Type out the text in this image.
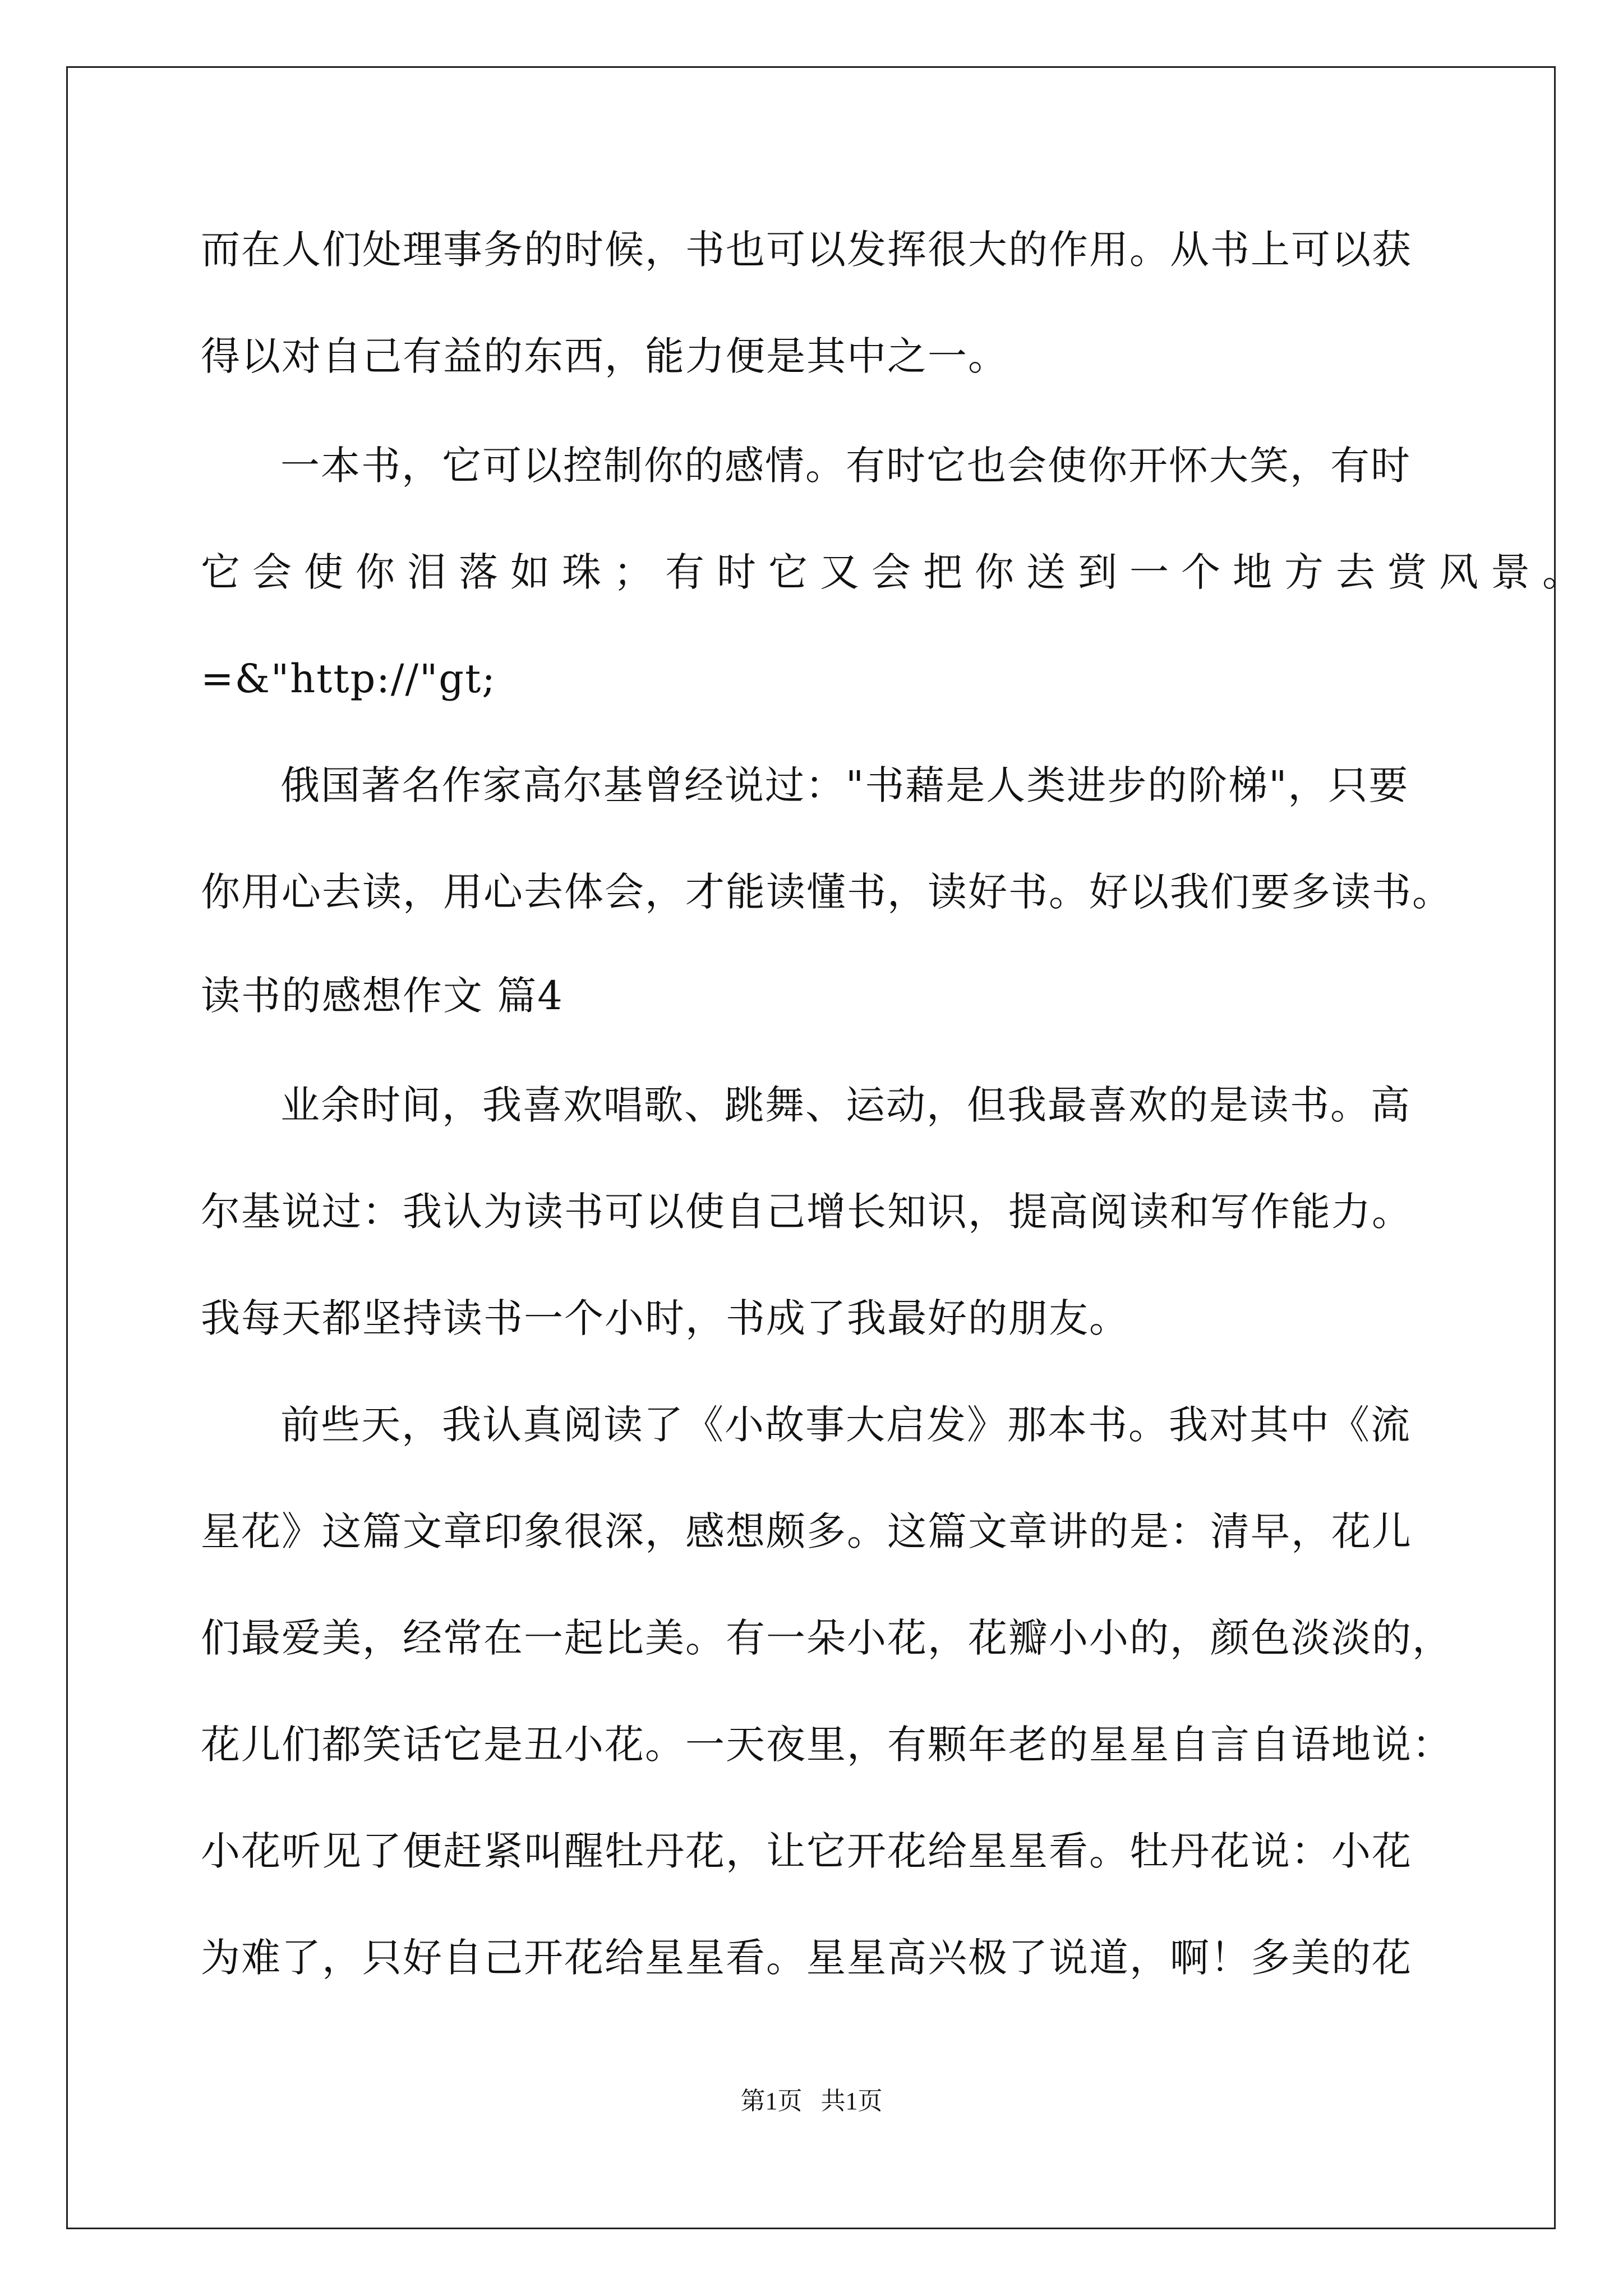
而在人们处理事务的时候，书也可以发挥很大的作用。从书上可以获
得以对自己有益的东西，能力便是其中之一。
一本书，它可以控制你的感情。有时它也会使你开怀大笑，有时
它会使你泪落如珠；有时它又会把你送到一个地方去赏风景。
=&"http://"gt;
俄国著名作家高尔基曾经说过："书藉是人类进步的阶梯"，只要
你用心去读，用心去体会，才能读懂书，读好书。好以我们要多读书。
读书的感想作文 篇4
业余时间，我喜欢唱歌、跳舞、运动，但我最喜欢的是读书。高
尔基说过：我认为读书可以使自己增长知识，提高阅读和写作能力。
我每天都坚持读书一个小时，书成了我最好的朋友。
前些天，我认真阅读了《小故事大启发》那本书。我对其中《流
星花》这篇文章印象很深，感想颇多。这篇文章讲的是：清早，花儿
们最爱美，经常在一起比美。有一朵小花，花瓣小小的，颜色淡淡的，
花儿们都笑话它是丑小花。一天夜里，有颗年老的星星自言自语地说：
小花听见了便赶紧叫醒牡丹花，让它开花给星星看。牡丹花说：小花
为难了，只好自己开花给星星看。星星高兴极了说道，啊！多美的花
第1页   共1页
